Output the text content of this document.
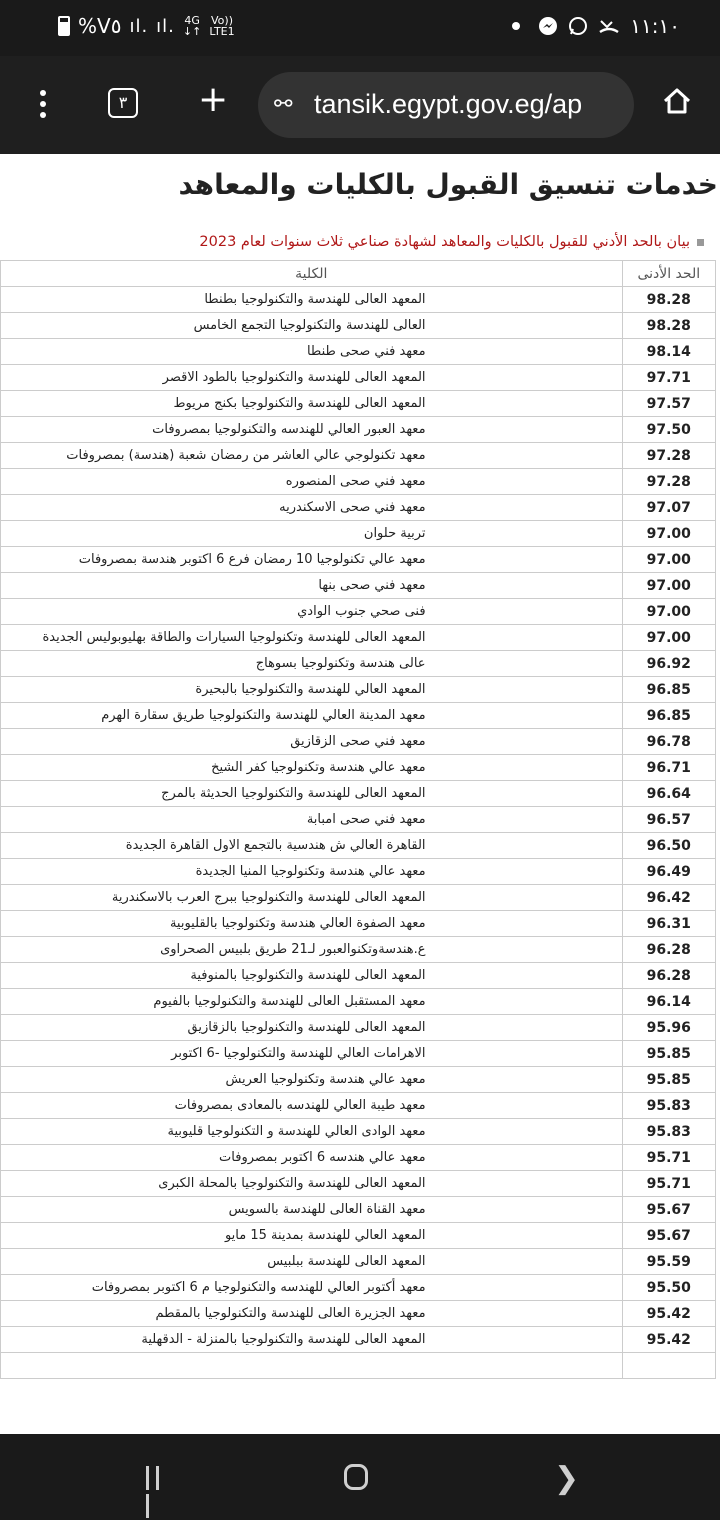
%V٥ ıl. ıl. 4G
↓↑
Vo))
LTE1	١١:١٠
٣ + ⚯ tansik.egypt.gov.eg/ap
خدمات تنسيق القبول بالكليات والمعاهد
بيان بالحد الأدني للقبول بالكليات والمعاهد لشهادة صناعي ثلاث سنوات لعام 2023
الحد الأدنى	الكلية
98.28	المعهد العالى للهندسة والتكنولوجيا بطنطا
98.28	العالى للهندسة والتكنولوجيا التجمع الخامس
98.14	معهد فني صحى طنطا
97.71	المعهد العالى للهندسة والتكنولوجيا بالطود الاقصر
97.57	المعهد العالى للهندسة والتكنولوجيا بكنج مريوط
97.50	معهد العبور العالي للهندسه والتكنولوجيا بمصروفات
97.28	معهد تكنولوجي عالي العاشر من رمضان شعبة (هندسة) بمصروفات
97.28	معهد فني صحى المنصوره
97.07	معهد فني صحى الاسكندريه
97.00	تربية حلوان
97.00	معهد عالي تكنولوجيا 10 رمضان فرع 6 اكتوبر هندسة بمصروفات
97.00	معهد فني صحى بنها
97.00	فنى صحي جنوب الوادي
97.00	المعهد العالى للهندسة وتكنولوجيا السيارات والطاقة بهليوبوليس الجديدة
96.92	عالى هندسة وتكنولوجيا بسوهاج
96.85	المعهد العالي للهندسة والتكنولوجيا بالبحيرة
96.85	معهد المدينة العالي للهندسة والتكنولوجيا طريق سقارة الهرم
96.78	معهد فني صحى الزقازيق
96.71	معهد عالي هندسة وتكنولوجيا كفر الشيخ
96.64	المعهد العالى للهندسة والتكنولوجيا الحديثة بالمرج
96.57	معهد فني صحى امبابة
96.50	القاهرة العالي ش هندسية بالتجمع الاول القاهرة الجديدة
96.49	معهد عالي هندسة وتكنولوجيا المنيا الجديدة
96.42	المعهد العالى للهندسة والتكنولوجيا ببرج العرب بالاسكندرية
96.31	معهد الصفوة العالي هندسة وتكنولوجيا بالقليوبية
96.28	ع.هندسةوتكنوالعبور لـ21 طريق بلبيس الصحراوى
96.28	المعهد العالى للهندسة والتكنولوجيا بالمنوفية
96.14	معهد المستقبل العالى للهندسة والتكنولوجيا بالفيوم
95.96	المعهد العالى للهندسة والتكنولوجيا بالزقازيق
95.85	الاهرامات العالي للهندسة والتكنولوجيا -6 اكتوبر
95.85	معهد عالي هندسة وتكنولوجيا العريش
95.83	معهد طيبة العالي للهندسه بالمعادى بمصروفات
95.83	معهد الوادى العالي للهندسة و التكنولوجيا قليوبية
95.71	معهد عالي هندسه 6 اكتوبر بمصروفات
95.71	المعهد العالى للهندسة والتكنولوجيا بالمحلة الكبرى
95.67	معهد القناة العالى للهندسة بالسويس
95.67	المعهد العالي للهندسة بمدينة 15 مايو
95.59	المعهد العالى للهندسة ببلبيس
95.50	معهد أكتوبر العالي للهندسه والتكنولوجيا م 6 اكتوبر بمصروفات
95.42	معهد الجزيرة العالى للهندسة والتكنولوجيا بالمقطم
95.42	المعهد العالى للهندسة والتكنولوجيا بالمنزلة - الدقهلية

❯
